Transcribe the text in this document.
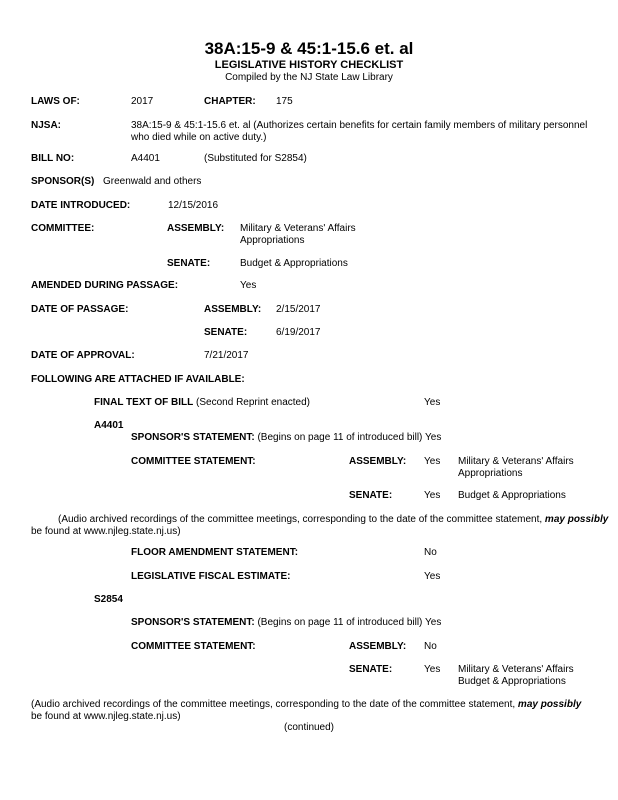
38A:15-9 & 45:1-15.6 et. al
LEGISLATIVE HISTORY CHECKLIST
Compiled by the NJ State Law Library
LAWS OF:	2017	CHAPTER: 175
NJSA:	38A:15-9 & 45:1-15.6 et. al (Authorizes certain benefits for certain family members of military personnel who died while on active duty.)
BILL NO:	A4401	(Substituted for S2854)
SPONSOR(S) Greenwald and others
DATE INTRODUCED:	12/15/2016
COMMITTEE:	ASSEMBLY: Military & Veterans' Affairs
Appropriations
SENATE:	Budget & Appropriations
AMENDED DURING PASSAGE:	Yes
DATE OF PASSAGE:	ASSEMBLY: 2/15/2017
SENATE:	6/19/2017
DATE OF APPROVAL:	7/21/2017
FOLLOWING ARE ATTACHED IF AVAILABLE:
FINAL TEXT OF BILL (Second Reprint enacted)	Yes
A4401
SPONSOR'S STATEMENT: (Begins on page 11 of introduced bill) Yes
COMMITTEE STATEMENT:	ASSEMBLY: Yes Military & Veterans' Affairs
Appropriations
SENATE:	Yes Budget & Appropriations
(Audio archived recordings of the committee meetings, corresponding to the date of the committee statement, may possibly
be found at www.njleg.state.nj.us)
FLOOR AMENDMENT STATEMENT:	No
LEGISLATIVE FISCAL ESTIMATE:	Yes
S2854
SPONSOR'S STATEMENT: (Begins on page 11 of introduced bill) Yes
COMMITTEE STATEMENT:	ASSEMBLY: No
SENATE:	Yes Military & Veterans' Affairs
Budget & Appropriations
(Audio archived recordings of the committee meetings, corresponding to the date of the committee statement, may possibly
be found at www.njleg.state.nj.us)
(continued)
